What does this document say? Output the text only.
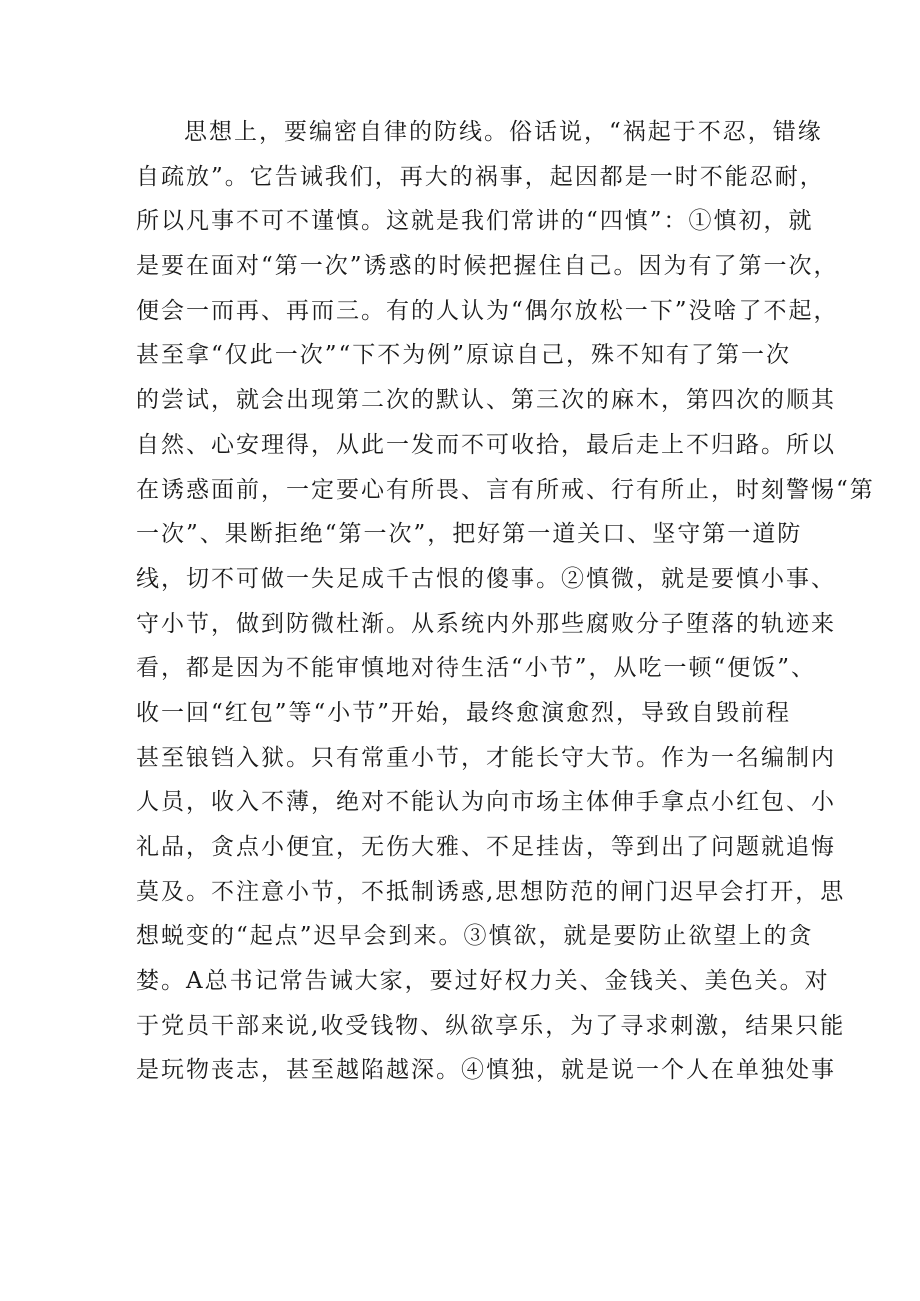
思想上，要编密自律的防线。俗话说，“祸起于不忍，错缘
自疏放”。它告诫我们，再大的祸事，起因都是一时不能忍耐，
所以凡事不可不谨慎。这就是我们常讲的“四慎”：①慎初，就
是要在面对“第一次”诱惑的时候把握住自己。因为有了第一次，
便会一而再、再而三。有的人认为“偶尔放松一下”没啥了不起，
甚至拿“仅此一次”“下不为例”原谅自己，殊不知有了第一次
的尝试，就会出现第二次的默认、第三次的麻木，第四次的顺其
自然、心安理得，从此一发而不可收拾，最后走上不归路。所以
在诱惑面前，一定要心有所畏、言有所戒、行有所止，时刻警惕“第
一次”、果断拒绝“第一次”，把好第一道关口、坚守第一道防
线，切不可做一失足成千古恨的傻事。②慎微，就是要慎小事、
守小节，做到防微杜渐。从系统内外那些腐败分子堕落的轨迹来
看，都是因为不能审慎地对待生活“小节”，从吃一顿“便饭”、
收一回“红包”等“小节”开始，最终愈演愈烈，导致自毁前程
甚至锒铛入狱。只有常重小节，才能长守大节。作为一名编制内
人员，收入不薄，绝对不能认为向市场主体伸手拿点小红包、小
礼品，贪点小便宜，无伤大雅、不足挂齿，等到出了问题就追悔
莫及。不注意小节，不抵制诱惑,思想防范的闸门迟早会打开，思
想蜕变的“起点”迟早会到来。③慎欲，就是要防止欲望上的贪
婪。A总书记常告诫大家，要过好权力关、金钱关、美色关。对
于党员干部来说,收受钱物、纵欲享乐，为了寻求刺激，结果只能
是玩物丧志，甚至越陷越深。④慎独，就是说一个人在单独处事
